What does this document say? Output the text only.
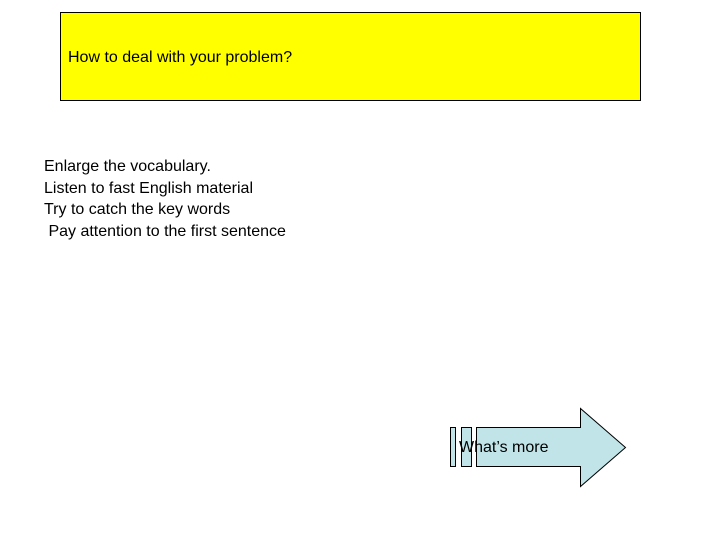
How to deal with your problem?
Enlarge the vocabulary.
Listen to fast English material
Try to catch the key words
Pay attention to the first sentence
What’s more
